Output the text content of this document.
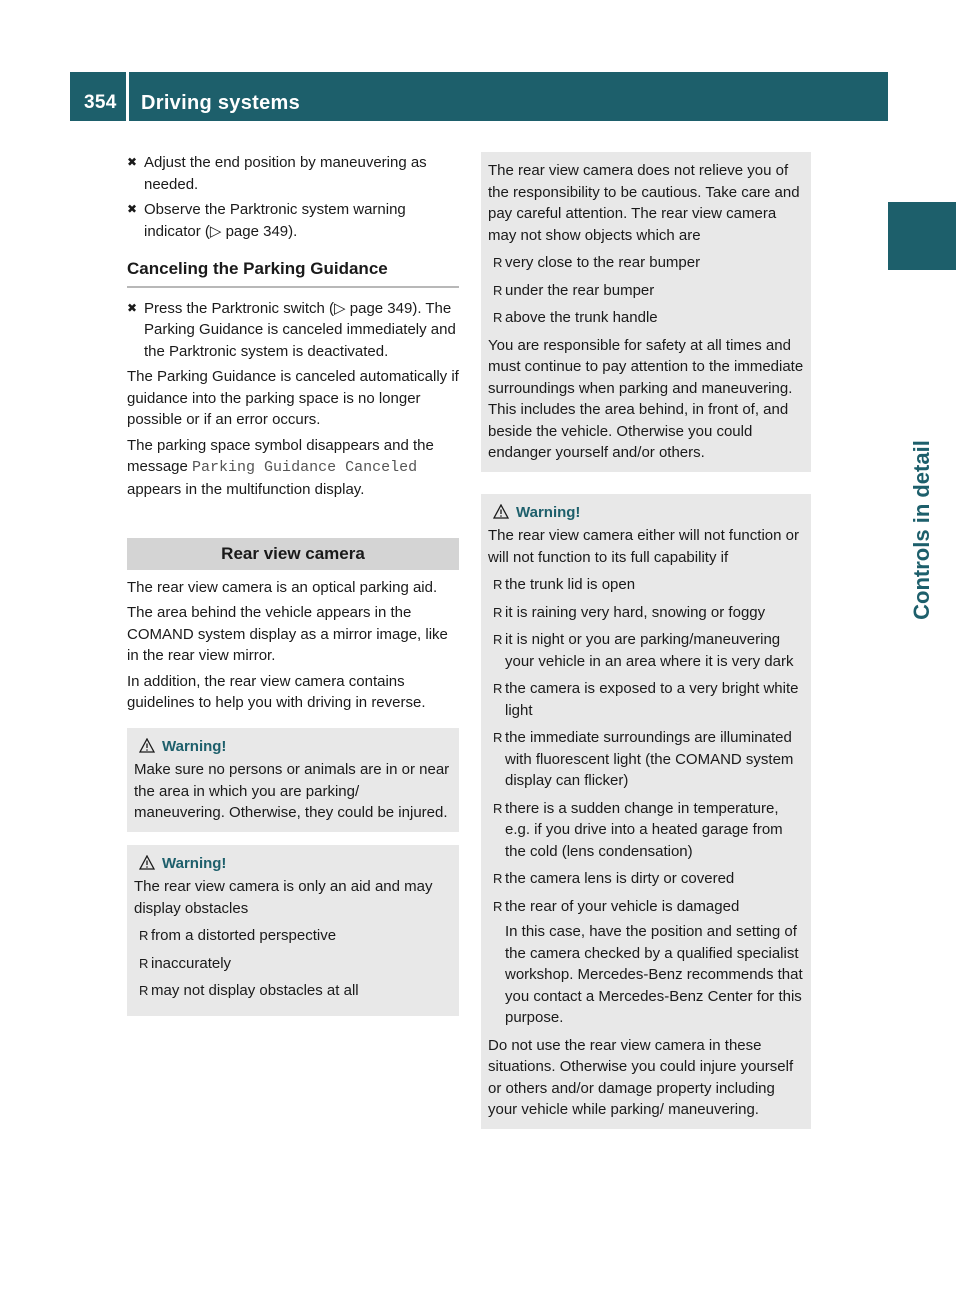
354 Driving systems
Controls in detail
✖ Adjust the end position by maneuvering as needed.
✖ Observe the Parktronic system warning indicator (▷ page 349).
Canceling the Parking Guidance
✖ Press the Parktronic switch (▷ page 349). The Parking Guidance is canceled immediately and the Parktronic system is deactivated.

The Parking Guidance is canceled automatically if guidance into the parking space is no longer possible or if an error occurs.

The parking space symbol disappears and the message Parking Guidance Canceled appears in the multifunction display.

Rear view camera

The rear view camera is an optical parking aid.

The area behind the vehicle appears in the COMAND system display as a mirror image, like in the rear view mirror.

In addition, the rear view camera contains guidelines to help you with driving in reverse.

Warning!
Make sure no persons or animals are in or near the area in which you are parking/ maneuvering. Otherwise, they could be injured.
Warning!
The rear view camera is only an aid and may display obstacles
R from a distorted perspective
R inaccurately
R may not display obstacles at all
The rear view camera does not relieve you of the responsibility to be cautious. Take care and pay careful attention. The rear view camera may not show objects which are
R very close to the rear bumper
R under the rear bumper
R above the trunk handle
You are responsible for safety at all times and must continue to pay attention to the immediate surroundings when parking and maneuvering. This includes the area behind, in front of, and beside the vehicle. Otherwise you could endanger yourself and/or others.
Warning!
The rear view camera either will not function or will not function to its full capability if
R the trunk lid is open
R it is raining very hard, snowing or foggy
R it is night or you are parking/maneuvering your vehicle in an area where it is very dark
R the camera is exposed to a very bright white light
R the immediate surroundings are illuminated with fluorescent light (the COMAND system display can flicker)
R there is a sudden change in temperature, e.g. if you drive into a heated garage from the cold (lens condensation)
R the camera lens is dirty or covered
R the rear of your vehicle is damaged
In this case, have the position and setting of the camera checked by a qualified specialist workshop. Mercedes-Benz recommends that you contact a Mercedes-Benz Center for this purpose.
Do not use the rear view camera in these situations. Otherwise you could injure yourself or others and/or damage property including your vehicle while parking/ maneuvering.
